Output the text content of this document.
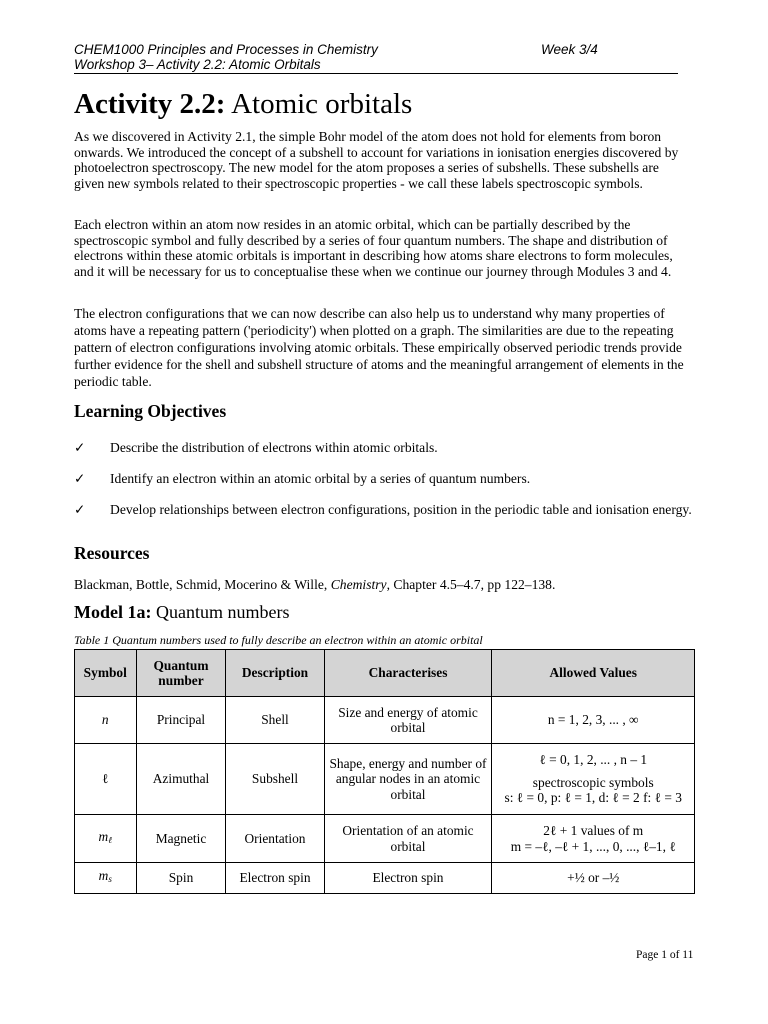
CHEM1000 Principles and Processes in Chemistry	Week 3/4
Workshop 3– Activity 2.2: Atomic Orbitals
Activity 2.2: Atomic orbitals

As we discovered in Activity 2.1, the simple Bohr model of the atom does not hold for elements from boron onwards. We introduced the concept of a subshell to account for variations in ionisation energies discovered by photoelectron spectroscopy. The new model for the atom proposes a series of subshells. These subshells are given new symbols related to their spectroscopic properties - we call these labels spectroscopic symbols.

Each electron within an atom now resides in an atomic orbital, which can be partially described by the spectroscopic symbol and fully described by a series of four quantum numbers. The shape and distribution of electrons within these atomic orbitals is important in describing how atoms share electrons to form molecules, and it will be necessary for us to conceptualise these when we continue our journey through Modules 3 and 4.

The electron configurations that we can now describe can also help us to understand why many properties of atoms have a repeating pattern ('periodicity') when plotted on a graph. The similarities are due to the repeating pattern of electron configurations involving atomic orbitals. These empirically observed periodic trends provide further evidence for the shell and subshell structure of atoms and the meaningful arrangement of elements in the periodic table.

Learning Objectives
✓	Describe the distribution of electrons within atomic orbitals.
✓	Identify an electron within an atomic orbital by a series of quantum numbers.
✓	Develop relationships between electron configurations, position in the periodic table and ionisation energy.
Resources
Blackman, Bottle, Schmid, Mocerino & Wille, Chemistry, Chapter 4.5–4.7, pp 122–138.
Model 1a: Quantum numbers
Table 1 Quantum numbers used to fully describe an electron within an atomic orbital
Symbol	Quantum number	Description	Characterises	Allowed Values
n	Principal	Shell	Size and energy of atomic orbital	n = 1, 2, 3, ... , ∞

ℓ	Azimuthal	Subshell	Shape, energy and number of angular nodes in an atomic orbital	ℓ = 0, 1, 2, ... , n – 1
spectroscopic symbols
s: ℓ = 0, p: ℓ = 1, d: ℓ = 2 f: ℓ = 3

mℓ	Magnetic	Orientation	Orientation of an atomic orbital	2ℓ + 1 values of m
m = –ℓ, –ℓ + 1, ..., 0, ..., ℓ–1, ℓ

ms	Spin	Electron spin	Electron spin	+½ or –½
Page 1 of 11
